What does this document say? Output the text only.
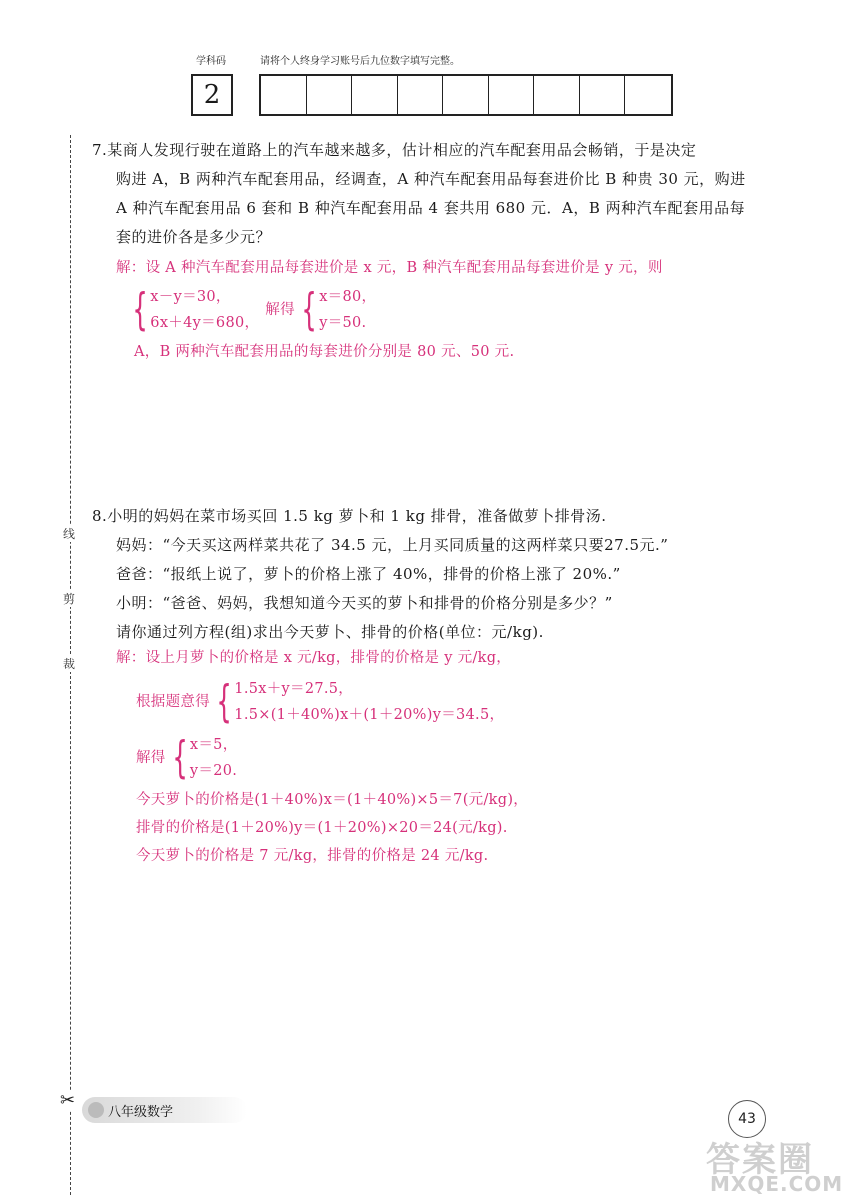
学科码	请将个人终身学习账号后九位数字填写完整。
2
线
剪
裁
✂
7.某商人发现行驶在道路上的汽车越来越多，估计相应的汽车配套用品会畅销，于是决定
购进 A，B 两种汽车配套用品，经调查，A 种汽车配套用品每套进价比 B 种贵 30 元，购进
A 种汽车配套用品 6 套和 B 种汽车配套用品 4 套共用 680 元．A，B 两种汽车配套用品每
套的进价各是多少元？
解：设 A 种汽车配套用品每套进价是 x 元，B 种汽车配套用品每套进价是 y 元，则
{ x－y＝30，
6x＋4y＝680，
解得 { x＝80，
y＝50.
A，B 两种汽车配套用品的每套进价分别是 80 元、50 元.
8.小明的妈妈在菜市场买回 1.5 kg 萝卜和 1 kg 排骨，准备做萝卜排骨汤.
妈妈：“今天买这两样菜共花了 34.5 元，上月买同质量的这两样菜只要27.5元.”
爸爸：“报纸上说了，萝卜的价格上涨了 40%，排骨的价格上涨了 20%.”
小明：“爸爸、妈妈，我想知道今天买的萝卜和排骨的价格分别是多少？”
请你通过列方程(组)求出今天萝卜、排骨的价格(单位：元/kg).
解：设上月萝卜的价格是 x 元/kg，排骨的价格是 y 元/kg，
根据题意得 { 1.5x＋y＝27.5，
1.5×(1＋40%)x＋(1＋20%)y＝34.5，
解得 { x＝5，
y＝20.
今天萝卜的价格是(1＋40%)x＝(1＋40%)×5＝7(元/kg)，
排骨的价格是(1＋20%)y＝(1＋20%)×20＝24(元/kg).
今天萝卜的价格是 7 元/kg，排骨的价格是 24 元/kg.
八年级数学	43
答案圈
MXQE.COM
